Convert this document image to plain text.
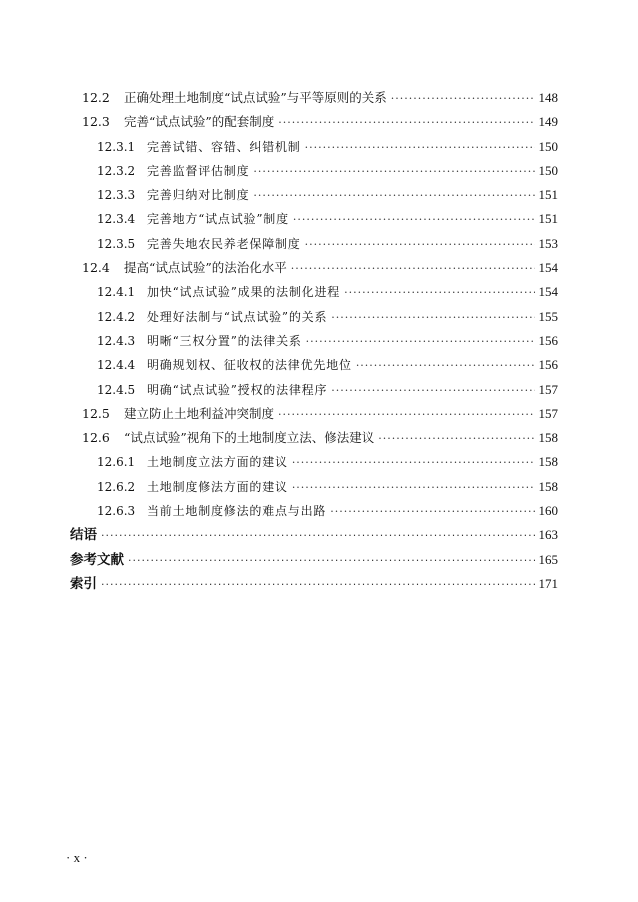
12.2	正确处理土地制度“试点试验”与平等原则的关系 ·····	148
12.3	完善“试点试验”的配套制度 ·····	149
12.3.1 完善试错、容错、纠错机制 ·····	150
12.3.2 完善监督评估制度 ·····	150
12.3.3 完善归纳对比制度 ·····	151
12.3.4 完善地方“试点试验”制度 ·····	151
12.3.5 完善失地农民养老保障制度 ·····	153
12.4	提高“试点试验”的法治化水平 ·····	154
12.4.1 加快“试点试验”成果的法制化进程 ·····	154
12.4.2 处理好法制与“试点试验”的关系 ·····	155
12.4.3 明晰“三权分置”的法律关系 ·····	156
12.4.4 明确规划权、征收权的法律优先地位 ·····	156
12.4.5 明确“试点试验”授权的法律程序 ·····	157
12.5	建立防止土地利益冲突制度 ·····	157
12.6	“试点试验”视角下的土地制度立法、修法建议 ·····	158
12.6.1 土地制度立法方面的建议 ·····	158
12.6.2 土地制度修法方面的建议 ·····	158
12.6.3 当前土地制度修法的难点与出路 ·····	160
结语 ·····	163
参考文献 ·····	165
索引 ·····	171
· x ·
